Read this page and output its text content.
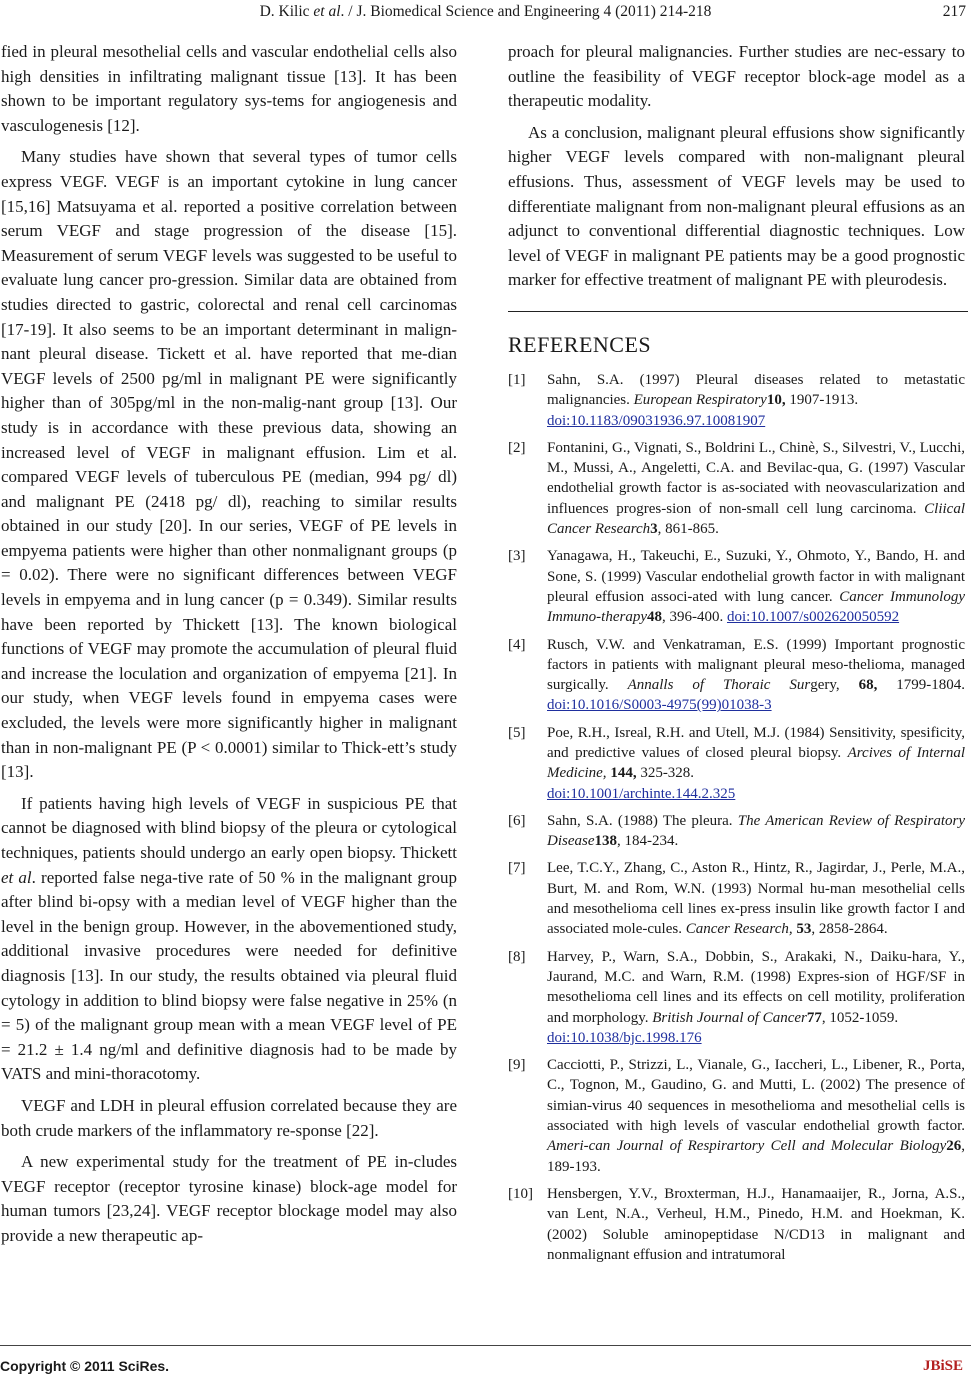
D. Kilic et al. / J. Biomedical Science and Engineering 4 (2011) 214-218	217

fied in pleural mesothelial cells and vascular endothelial cells also high densities in infiltrating malignant tissue [13]. It has been shown to be important regulatory sys-tems for angiogenesis and vasculogenesis [12].

Many studies have shown that several types of tumor cells express VEGF. VEGF is an important cytokine in lung cancer [15,16] Matsuyama et al. reported a positive correlation between serum VEGF and stage progression of the disease [15]. Measurement of serum VEGF levels was suggested to be useful to evaluate lung cancer pro-gression. Similar data are obtained from studies directed to gastric, colorectal and renal cell carcinomas [17-19]. It also seems to be an important determinant in malign-nant pleural disease. Tickett et al. have reported that me-dian VEGF levels of 2500 pg/ml in malignant PE were significantly higher than of 305pg/ml in the non-malig-nant group [13]. Our study is in accordance with these previous data, showing an increased level of VEGF in malignant effusion. Lim et al. compared VEGF levels of tuberculous PE (median, 994 pg/ dl) and malignant PE (2418 pg/ dl), reaching to similar results obtained in our study [20]. In our series, VEGF of PE levels in empyema patients were higher than other nonmalignant groups (p = 0.02). There were no significant differences between VEGF levels in empyema and in lung cancer (p = 0.349). Similar results have been reported by Thickett [13]. The known biological functions of VEGF may promote the accumulation of pleural fluid and increase the loculation and organization of empyema [21]. In our study, when VEGF levels found in empyema cases were excluded, the levels were more significantly higher in malignant than in non-malignant PE (P < 0.0001) similar to Thick-ett’s study [13].

If patients having high levels of VEGF in suspicious PE that cannot be diagnosed with blind biopsy of the pleura or cytological techniques, patients should undergo an early open biopsy. Thickett et al. reported false nega-tive rate of 50 % in the malignant group after blind bi-opsy with a median level of VEGF higher than the level in the benign group. However, in the abovementioned study, additional invasive procedures were needed for definitive diagnosis [13]. In our study, the results obtained via pleural fluid cytology in addition to blind biopsy were false negative in 25% (n = 5) of the malignant group mean with a mean VEGF level of PE = 21.2 ± 1.4 ng/ml and definitive diagnosis had to be made by VATS and mini-thoracotomy.

VEGF and LDH in pleural effusion correlated because they are both crude markers of the inflammatory re-sponse [22].

A new experimental study for the treatment of PE in-cludes VEGF receptor (receptor tyrosine kinase) block-age model for human tumors [23,24]. VEGF receptor blockage model may also provide a new therapeutic ap-

proach for pleural malignancies. Further studies are nec-essary to outline the feasibility of VEGF receptor block-age model as a therapeutic modality.

As a conclusion, malignant pleural effusions show significantly higher VEGF levels compared with non-malignant pleural effusions. Thus, assessment of VEGF levels may be used to differentiate malignant from non-malignant pleural effusions as an adjunct to conventional differential diagnostic techniques. Low level of VEGF in malignant PE patients may be a good prognostic marker for effective treatment of malignant PE with pleurodesis.

REFERENCES
[1] Sahn, S.A. (1997) Pleural diseases related to metastatic malignancies. European Respiratory10, 1907-1913.
doi:10.1183/09031936.97.10081907
[2] Fontanini, G., Vignati, S., Boldrini L., Chinè, S., Silvestri, V., Lucchi, M., Mussi, A., Angeletti, C.A. and Bevilac-qua, G. (1997) Vascular endothelial growth factor is as-sociated with neovascularization and influences progres-sion of non-small cell lung carcinoma. Cliical Cancer Research3, 861-865.
[3] Yanagawa, H., Takeuchi, E., Suzuki, Y., Ohmoto, Y., Bando, H. and Sone, S. (1999) Vascular endothelial growth factor in with malignant pleural effusion associ-ated with lung cancer. Cancer Immunology Immuno-therapy48, 396-400. doi:10.1007/s002620050592
[4] Rusch, V.W. and Venkatraman, E.S. (1999) Important prognostic factors in patients with malignant pleural meso-thelioma, managed surgically. Annalls of Thoraic Surgery, 68, 1799-1804. doi:10.1016/S0003-4975(99)01038-3
[5] Poe, R.H., Isreal, R.H. and Utell, M.J. (1984) Sensitivity, spesificity, and predictive values of closed pleural biopsy. Arcives of Internal Medicine, 144, 325-328.
doi:10.1001/archinte.144.2.325
[6] Sahn, S.A. (1988) The pleura. The American Review of Respiratory Disease138, 184-234.
[7] Lee, T.C.Y., Zhang, C., Aston R., Hintz, R., Jagirdar, J., Perle, M.A., Burt, M. and Rom, W.N. (1993) Normal hu-man mesothelial cells and mesothelioma cell lines ex-press insulin like growth factor I and associated mole-cules. Cancer Research, 53, 2858-2864.
[8] Harvey, P., Warn, S.A., Dobbin, S., Arakaki, N., Daiku-hara, Y., Jaurand, M.C. and Warn, R.M. (1998) Expres-sion of HGF/SF in mesothelioma cell lines and its effects on cell motility, proliferation and morphology. British Journal of Cancer77, 1052-1059.
doi:10.1038/bjc.1998.176
[9] Cacciotti, P., Strizzi, L., Vianale, G., Iaccheri, L., Libener, R., Porta, C., Tognon, M., Gaudino, G. and Mutti, L. (2002) The presence of simian-virus 40 sequences in mesothelioma and mesothelial cells is associated with high levels of vascular endothelial growth factor. Ameri-can Journal of Respirartory Cell and Molecular Biology26, 189-193.
[10] Hensbergen, Y.V., Broxterman, H.J., Hanamaaijer, R., Jorna, A.S., van Lent, N.A., Verheul, H.M., Pinedo, H.M. and Hoekman, K. (2002) Soluble aminopeptidase N/CD13 in malignant and nonmalignant effusion and intratumoral
Copyright © 2011 SciRes.	JBiSE
